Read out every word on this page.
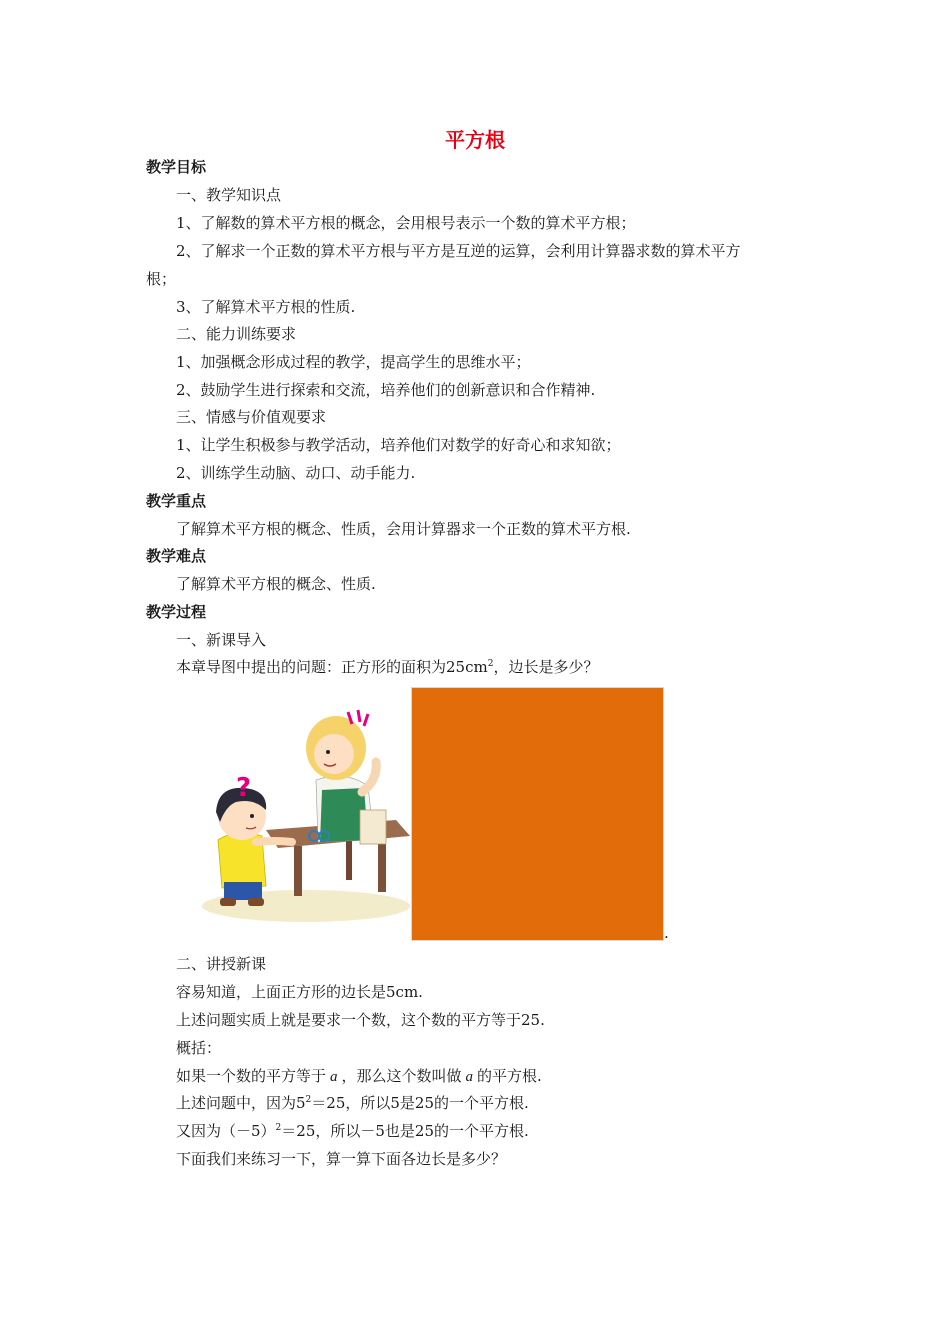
平方根
教学目标
一、教学知识点
1、了解数的算术平方根的概念，会用根号表示一个数的算术平方根；
2、了解求一个正数的算术平方根与平方是互逆的运算，会利用计算器求数的算术平方
根；
3、了解算术平方根的性质.
二、能力训练要求
1、加强概念形成过程的教学，提高学生的思维水平；
2、鼓励学生进行探索和交流，培养他们的创新意识和合作精神.
三、情感与价值观要求
1、让学生积极参与教学活动，培养他们对数学的好奇心和求知欲；
2、训练学生动脑、动口、动手能力.
教学重点
了解算术平方根的概念、性质，会用计算器求一个正数的算术平方根.
教学难点
了解算术平方根的概念、性质.
教学过程
一、新课导入
本章导图中提出的问题：正方形的面积为$25cm^2$，边长是多少？
?
.
二、讲授新课
容易知道，上面正方形的边长是5cm.
上述问题实质上就是要求一个数，这个数的平方等于25.
概括：
如果一个数的平方等于 a ，那么这个数叫做 a 的平方根.
上述问题中，因为$5^2=25$，所以5是25的一个平方根.
又因为$(-5)^2=25$，所以－5也是25的一个平方根.
下面我们来练习一下，算一算下面各边长是多少？
